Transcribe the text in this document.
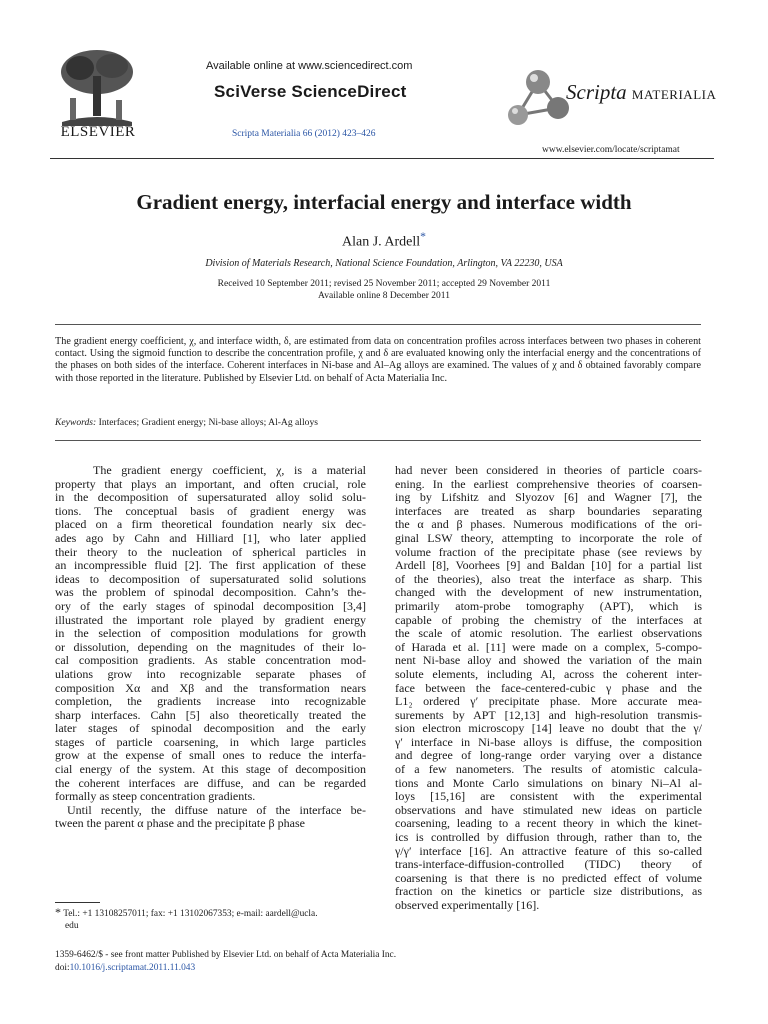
ELSEVIER
Available online at www.sciencedirect.com
SciVerse ScienceDirect
Scripta Materialia 66 (2012) 423–426
Scripta MATERIALIA
www.elsevier.com/locate/scriptamat
Gradient energy, interfacial energy and interface width
Alan J. Ardell*
Division of Materials Research, National Science Foundation, Arlington, VA 22230, USA
Received 10 September 2011; revised 25 November 2011; accepted 29 November 2011
Available online 8 December 2011
The gradient energy coefficient, χ, and interface width, δ, are estimated from data on concentration profiles across interfaces between two phases in coherent contact. Using the sigmoid function to describe the concentration profile, χ and δ are evaluated knowing only the interfacial energy and the concentrations of the phases on both sides of the interface. Coherent interfaces in Ni-base and Al–Ag alloys are examined. The values of χ and δ obtained favorably compare with those reported in the literature. Published by Elsevier Ltd. on behalf of Acta Materialia Inc.
Keywords: Interfaces; Gradient energy; Ni-base alloys; Al-Ag alloys
The gradient energy coefficient, χ, is a material
property that plays an important, and often crucial, role
in the decomposition of supersaturated alloy solid solu-
tions. The conceptual basis of gradient energy was
placed on a firm theoretical foundation nearly six dec-
ades ago by Cahn and Hilliard [1], who later applied
their theory to the nucleation of spherical particles in
an incompressible fluid [2]. The first application of these
ideas to decomposition of supersaturated solid solutions
was the problem of spinodal decomposition. Cahn’s the-
ory of the early stages of spinodal decomposition [3,4]
illustrated the important role played by gradient energy
in the selection of composition modulations for growth
or dissolution, depending on the magnitudes of their lo-
cal composition gradients. As stable concentration mod-
ulations grow into recognizable separate phases of
composition Xα and Xβ and the transformation nears
completion, the gradients increase into recognizable
sharp interfaces. Cahn [5] also theoretically treated the
later stages of spinodal decomposition and the early
stages of particle coarsening, in which large particles
grow at the expense of small ones to reduce the interfa-
cial energy of the system. At this stage of decomposition
the coherent interfaces are diffuse, and can be regarded
formally as steep concentration gradients.
Until recently, the diffuse nature of the interface be-
tween the parent α phase and the precipitate β phase
had never been considered in theories of particle coars-
ening. In the earliest comprehensive theories of coarsen-
ing by Lifshitz and Slyozov [6] and Wagner [7], the
interfaces are treated as sharp boundaries separating
the α and β phases. Numerous modifications of the ori-
ginal LSW theory, attempting to incorporate the role of
volume fraction of the precipitate phase (see reviews by
Ardell [8], Voorhees [9] and Baldan [10] for a partial list
of the theories), also treat the interface as sharp. This
changed with the development of new instrumentation,
primarily atom-probe tomography (APT), which is
capable of probing the chemistry of the interfaces at
the scale of atomic resolution. The earliest observations
of Harada et al. [11] were made on a complex, 5-compo-
nent Ni-base alloy and showed the variation of the main
solute elements, including Al, across the coherent inter-
face between the face-centered-cubic γ phase and the
L1₂ ordered γ′ precipitate phase. More accurate mea-
surements by APT [12,13] and high-resolution transmis-
sion electron microscopy [14] leave no doubt that the γ/
γ′ interface in Ni-base alloys is diffuse, the composition
and degree of long-range order varying over a distance
of a few nanometers. The results of atomistic calcula-
tions and Monte Carlo simulations on binary Ni–Al al-
loys [15,16] are consistent with the experimental
observations and have stimulated new ideas on particle
coarsening, leading to a recent theory in which the kinet-
ics is controlled by diffusion through, rather than to, the
γ/γ′ interface [16]. An attractive feature of this so-called
trans-interface-diffusion-controlled (TIDC) theory of
coarsening is that there is no predicted effect of volume
fraction on the kinetics or particle size distributions, as
observed experimentally [16].
* Tel.: +1 13108257011; fax: +1 13102067353; e-mail: aardell@ucla.
edu
1359-6462/$ - see front matter Published by Elsevier Ltd. on behalf of Acta Materialia Inc.
doi:10.1016/j.scriptamat.2011.11.043
